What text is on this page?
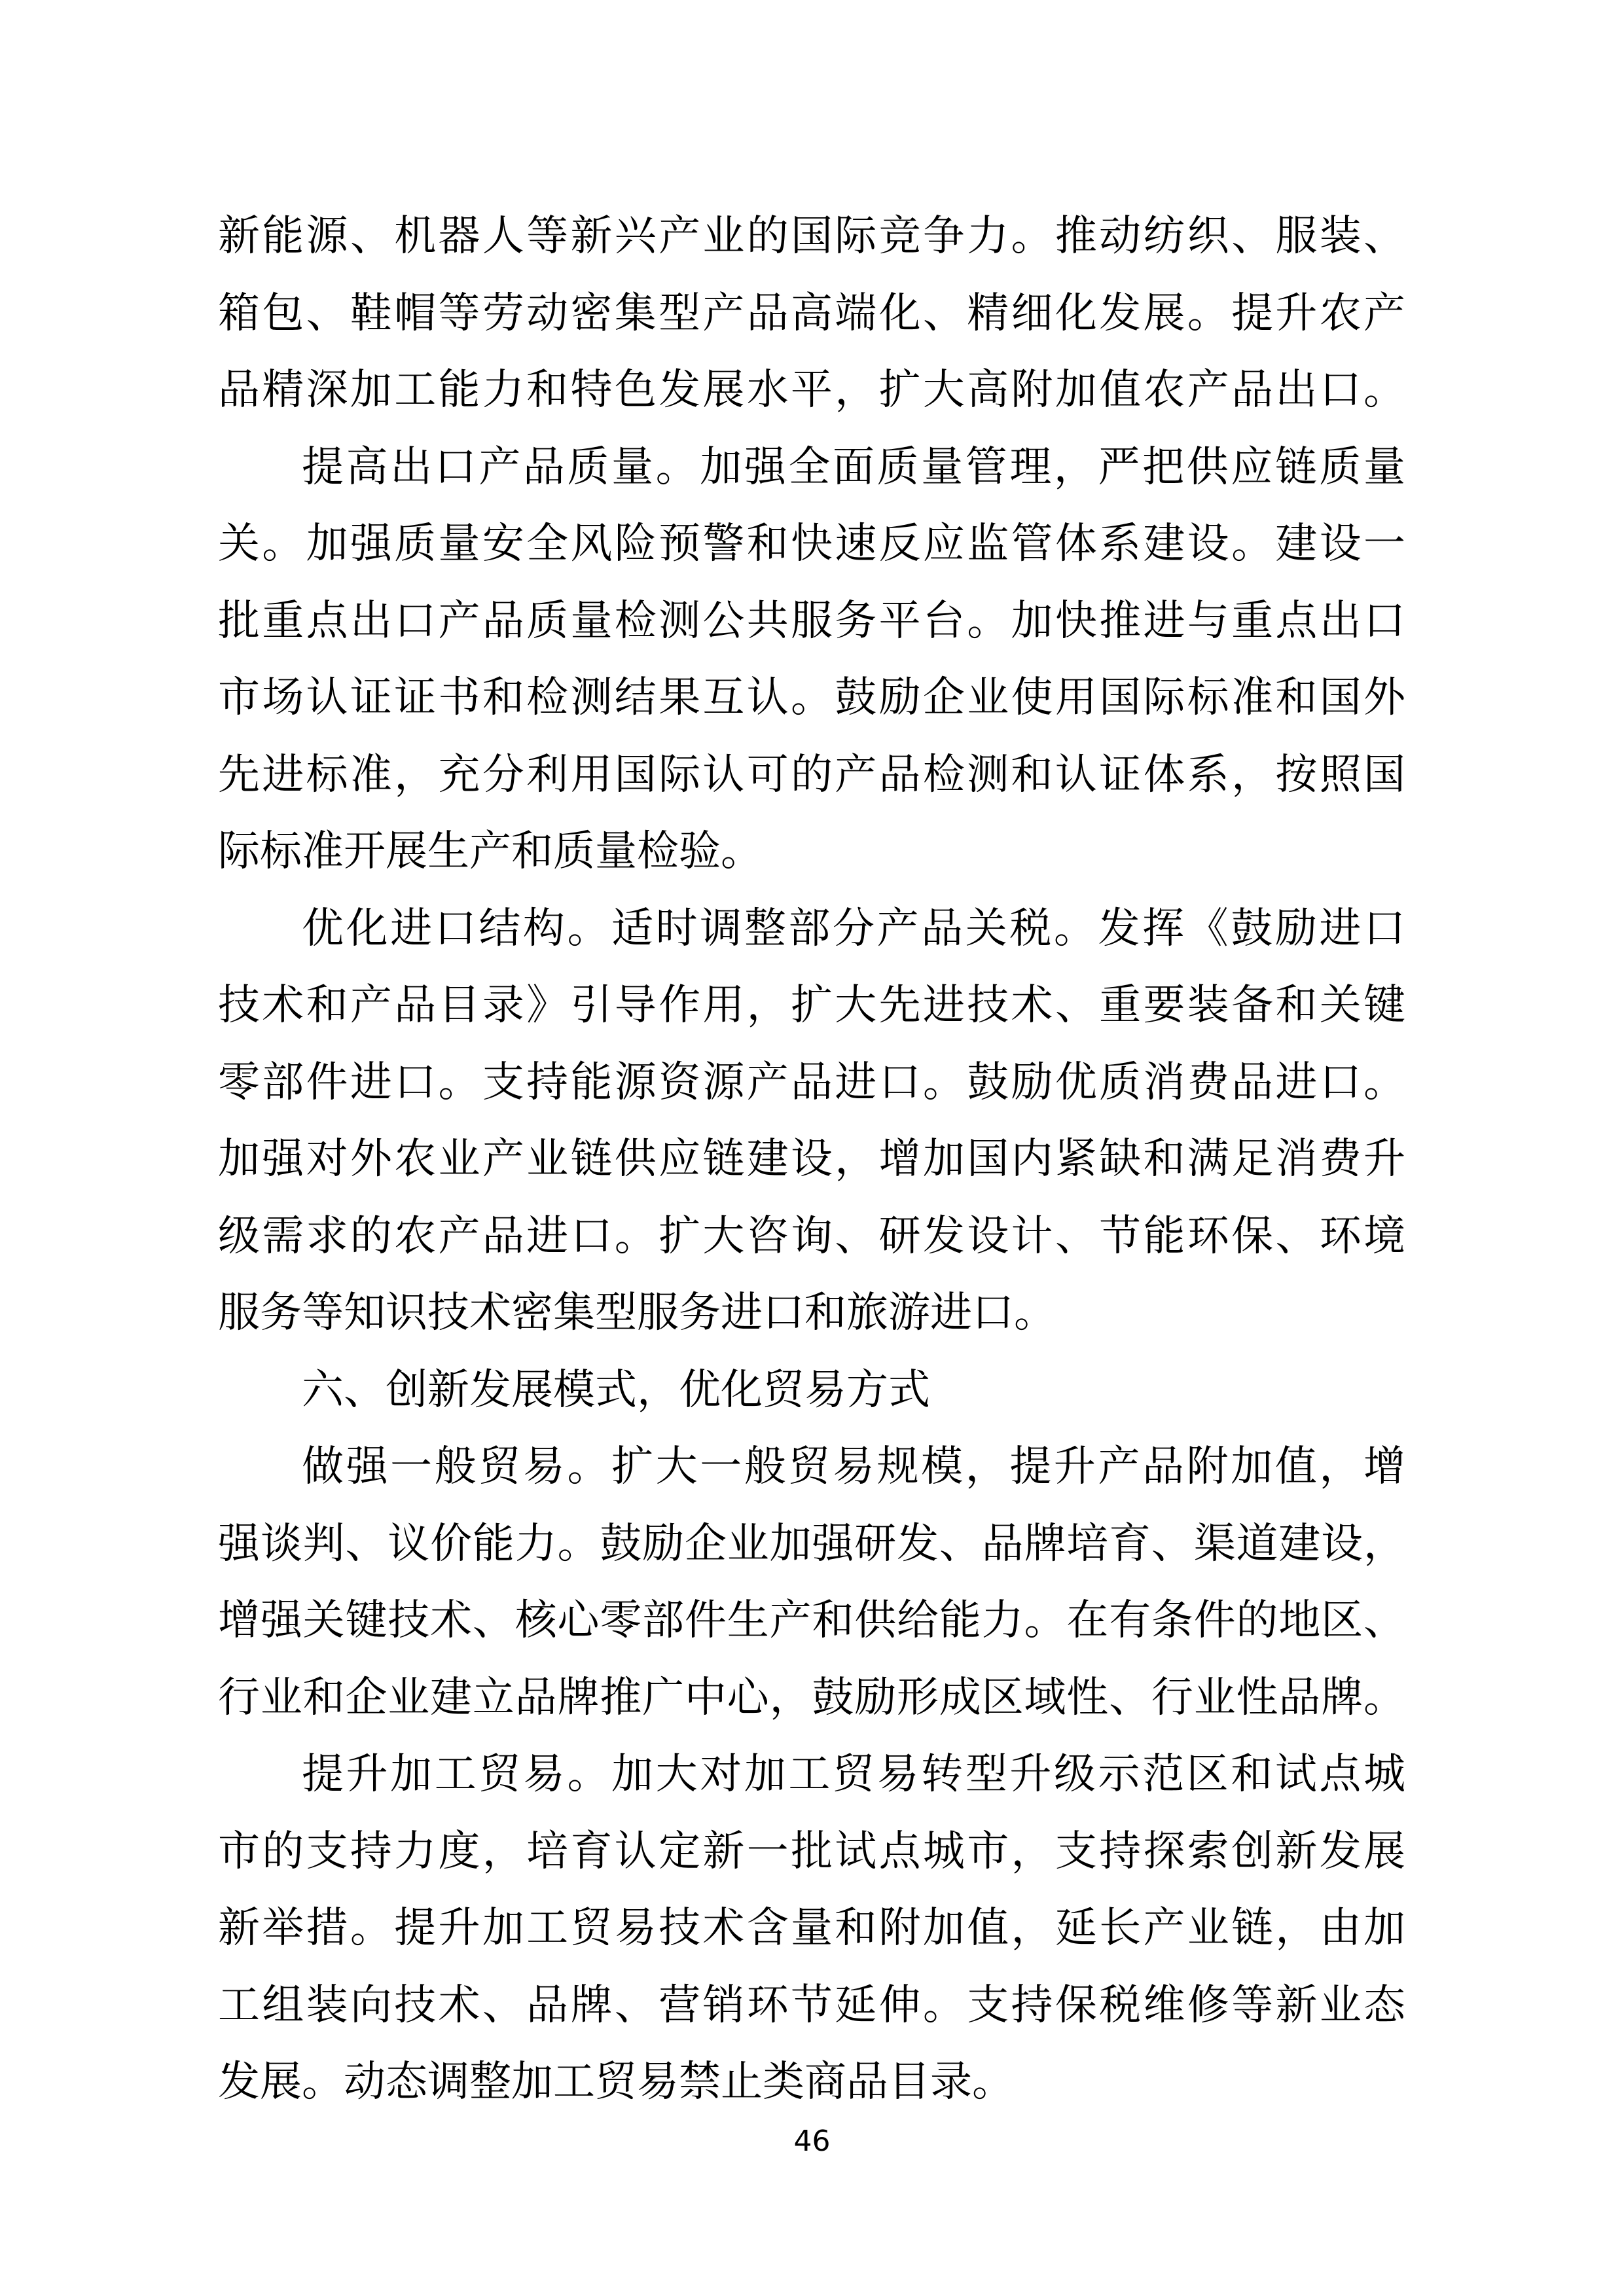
新能源、机器人等新兴产业的国际竞争力。推动纺织、服装、
箱包、鞋帽等劳动密集型产品高端化、精细化发展。提升农产
品精深加工能力和特色发展水平，扩大高附加值农产品出口。
提高出口产品质量。加强全面质量管理，严把供应链质量
关。加强质量安全风险预警和快速反应监管体系建设。建设一
批重点出口产品质量检测公共服务平台。加快推进与重点出口
市场认证证书和检测结果互认。鼓励企业使用国际标准和国外
先进标准，充分利用国际认可的产品检测和认证体系，按照国
际标准开展生产和质量检验。
优化进口结构。适时调整部分产品关税。发挥《鼓励进口
技术和产品目录》引导作用，扩大先进技术、重要装备和关键
零部件进口。支持能源资源产品进口。鼓励优质消费品进口。
加强对外农业产业链供应链建设，增加国内紧缺和满足消费升
级需求的农产品进口。扩大咨询、研发设计、节能环保、环境
服务等知识技术密集型服务进口和旅游进口。
六、创新发展模式，优化贸易方式
做强一般贸易。扩大一般贸易规模，提升产品附加值，增
强谈判、议价能力。鼓励企业加强研发、品牌培育、渠道建设，
增强关键技术、核心零部件生产和供给能力。在有条件的地区、
行业和企业建立品牌推广中心，鼓励形成区域性、行业性品牌。
提升加工贸易。加大对加工贸易转型升级示范区和试点城
市的支持力度，培育认定新一批试点城市，支持探索创新发展
新举措。提升加工贸易技术含量和附加值，延长产业链，由加
工组装向技术、品牌、营销环节延伸。支持保税维修等新业态
发展。动态调整加工贸易禁止类商品目录。
46
